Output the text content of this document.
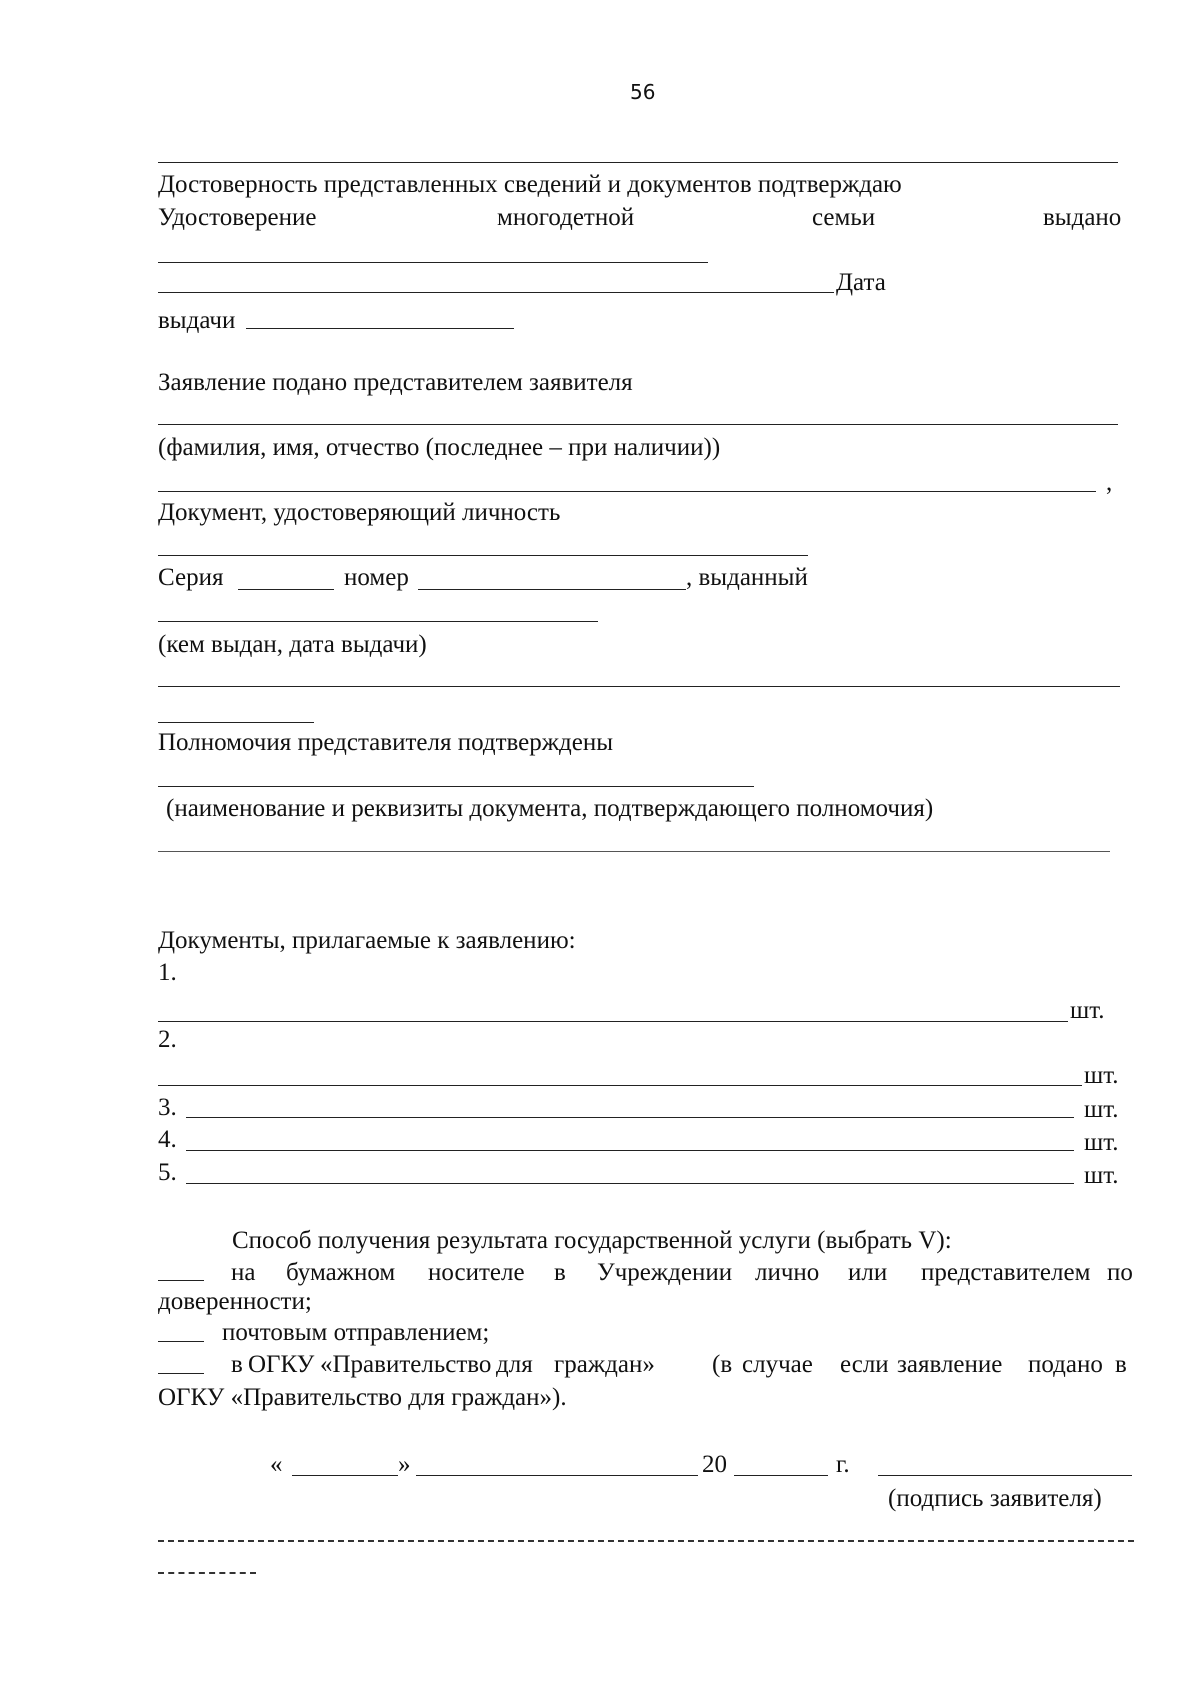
56
Достоверность представленных сведений и документов подтверждаю
Удостоверение	многодетной	семьи	выдано
Дата
выдачи
Заявление подано представителем заявителя
(фамилия, имя, отчество (последнее – при наличии))
,
Документ, удостоверяющий личность
Серия	номер	, выданный
(кем выдан, дата выдачи)
Полномочия представителя подтверждены
(наименование и реквизиты документа, подтверждающего полномочия)
Документы, прилагаемые к заявлению:
1.
шт.
2.
шт.
3.	шт.
4.	шт.
5.	шт.
Способ получения результата государственной услуги (выбрать V):
на бумажном носителе в Учреждении лично или представителем по
доверенности;
почтовым отправлением;
в ОГКУ «Правительство для граждан» (в случае если заявление подано в
ОГКУ «Правительство для граждан»).
«	»	20	г.
(подпись заявителя)
